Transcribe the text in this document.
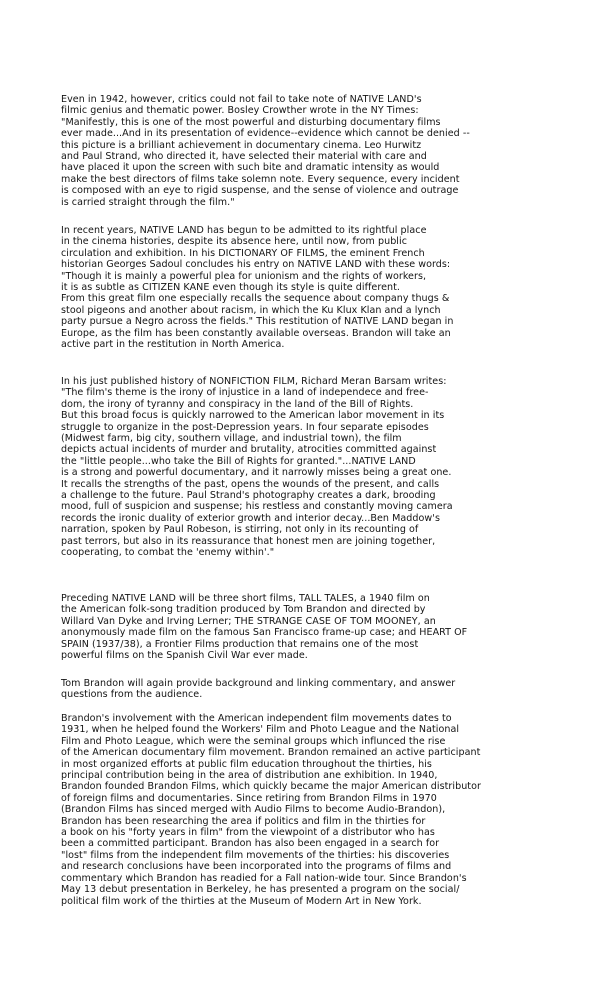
Even in 1942, however, critics could not fail to take note of NATIVE LAND's
filmic genius and thematic power. Bosley Crowther wrote in the NY Times:
"Manifestly, this is one of the most powerful and disturbing documentary films
ever made...And in its presentation of evidence--evidence which cannot be denied --
this picture is a brilliant achievement in documentary cinema. Leo Hurwitz
and Paul Strand, who directed it, have selected their material with care and
have placed it upon the screen with such bite and dramatic intensity as would
make the best directors of films take solemn note. Every sequence, every incident
is composed with an eye to rigid suspense, and the sense of violence and outrage
is carried straight through the film."
In recent years, NATIVE LAND has begun to be admitted to its rightful place
in the cinema histories, despite its absence here, until now, from public
circulation and exhibition. In his DICTIONARY OF FILMS, the eminent French
historian Georges Sadoul concludes his entry on NATIVE LAND with these words:
"Though it is mainly a powerful plea for unionism and the rights of workers,
it is as subtle as CITIZEN KANE even though its style is quite different.
From this great film one especially recalls the sequence about company thugs &
stool pigeons and another about racism, in which the Ku Klux Klan and a lynch
party pursue a Negro across the fields." This restitution of NATIVE LAND began in
Europe, as the film has been constantly available overseas. Brandon will take an
active part in the restitution in North America.
In his just published history of NONFICTION FILM, Richard Meran Barsam writes:
"The film's theme is the irony of injustice in a land of independece and free-
dom, the irony of tyranny and conspiracy in the land of the Bill of Rights.
But this broad focus is quickly narrowed to the American labor movement in its
struggle to organize in the post-Depression years. In four separate episodes
(Midwest farm, big city, southern village, and industrial town), the film
depicts actual incidents of murder and brutality, atrocities committed against
the "little people...who take the Bill of Rights for granted."...NATIVE LAND
is a strong and powerful documentary, and it narrowly misses being a great one.
It recalls the strengths of the past, opens the wounds of the present, and calls
a challenge to the future. Paul Strand's photography creates a dark, brooding
mood, full of suspicion and suspense; his restless and constantly moving camera
records the ironic duality of exterior growth and interior decay...Ben Maddow's
narration, spoken by Paul Robeson, is stirring, not only in its recounting of
past terrors, but also in its reassurance that honest men are joining together,
cooperating, to combat the 'enemy within'."
Preceding NATIVE LAND will be three short films, TALL TALES, a 1940 film on
the American folk-song tradition produced by Tom Brandon and directed by
Willard Van Dyke and Irving Lerner; THE STRANGE CASE OF TOM MOONEY, an
anonymously made film on the famous San Francisco frame-up case; and HEART OF
SPAIN (1937/38), a Frontier Films production that remains one of the most
powerful films on the Spanish Civil War ever made.
Tom Brandon will again provide background and linking commentary, and answer
questions from the audience.
Brandon's involvement with the American independent film movements dates to
1931, when he helped found the Workers' Film and Photo League and the National
Film and Photo League, which were the seminal groups which influnced the rise
of the American documentary film movement. Brandon remained an active participant
in most organized efforts at public film education throughout the thirties, his
principal contribution being in the area of distribution ane exhibition. In 1940,
Brandon founded Brandon Films, which quickly became the major American distributor
of foreign films and documentaries. Since retiring from Brandon Films in 1970
(Brandon Films has sinced merged with Audio Films to become Audio-Brandon),
Brandon has been researching the area if politics and film in the thirties for
a book on his "forty years in film" from the viewpoint of a distributor who has
been a committed participant. Brandon has also been engaged in a search for
"lost" films from the independent film movements of the thirties: his discoveries
and research conclusions have been incorporated into the programs of films and
commentary which Brandon has readied for a Fall nation-wide tour. Since Brandon's
May 13 debut presentation in Berkeley, he has presented a program on the social/
political film work of the thirties at the Museum of Modern Art in New York.
